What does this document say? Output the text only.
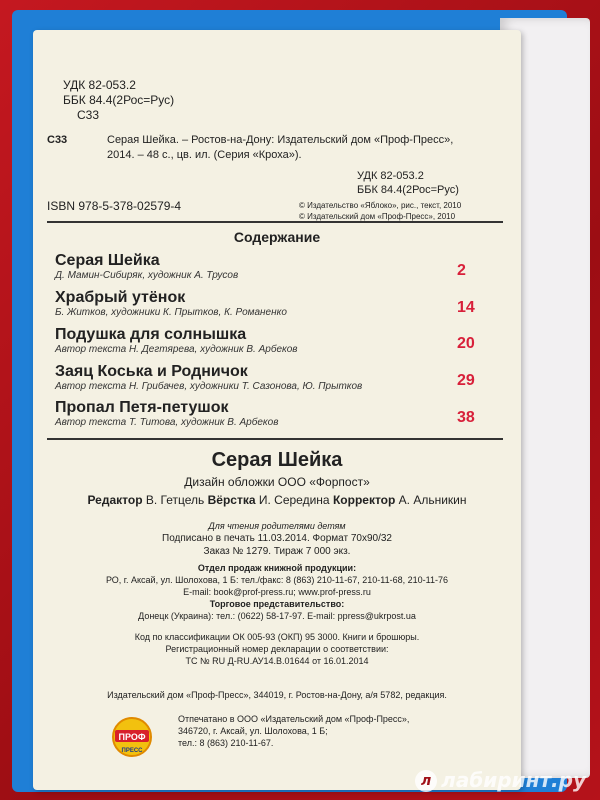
УДК 82-053.2
ББК 84.4(2Рос=Рус)
С33
С33	Серая Шейка. – Ростов-на-Дону: Издательский дом «Проф-Пресс»,
2014. – 48 с., цв. ил. (Серия «Кроха»).
УДК 82-053.2
ББК 84.4(2Рос=Рус)
© Издательство «Яблоко», рис., текст, 2010
© Издательский дом «Проф-Пресс», 2010
ISBN 978-5-378-02579-4
Содержание
Серая Шейка
Д. Мамин-Сибиряк, художник А. Трусов	2
Храбрый утёнок
Б. Житков, художники К. Прытков, К. Романенко	14
Подушка для солнышка
Автор текста Н. Дегтярева, художник В. Арбеков	20
Заяц Коська и Родничок
Автор текста Н. Грибачев, художники Т. Сазонова, Ю. Прытков	29
Пропал Петя-петушок
Автор текста Т. Титова, художник В. Арбеков	38
Серая Шейка
Дизайн обложки ООО «Форпост»
Редактор В. Гетцель Вёрстка И. Середина Корректор А. Альникин
Для чтения родителями детям
Подписано в печать 11.03.2014. Формат 70х90/32
Заказ № 1279. Тираж 7 000 экз.
Отдел продаж книжной продукции:
РО, г. Аксай, ул. Шолохова, 1 Б: тел./факс: 8 (863) 210-11-67, 210-11-68, 210-11-76
E-mail: book@prof-press.ru; www.prof-press.ru
Торговое представительство:
Донецк (Украина): тел.: (0622) 58-17-97. E-mail: ppress@ukrpost.ua
Код по классификации ОК 005-93 (ОКП) 95 3000. Книги и брошюры.
Регистрационный номер декларации о соответствии:
ТС № RU Д-RU.АУ14.В.01644 от 16.01.2014
Издательский дом «Проф-Пресс», 344019, г. Ростов-на-Дону, а/я 5782, редакция.
ПРОФ
ПРЕСС
Отпечатано в ООО «Издательский дом «Проф-Пресс»,
346720, г. Аксай, ул. Шолохова, 1 Б;
тел.: 8 (863) 210-11-67.
л лабиринт.ру
